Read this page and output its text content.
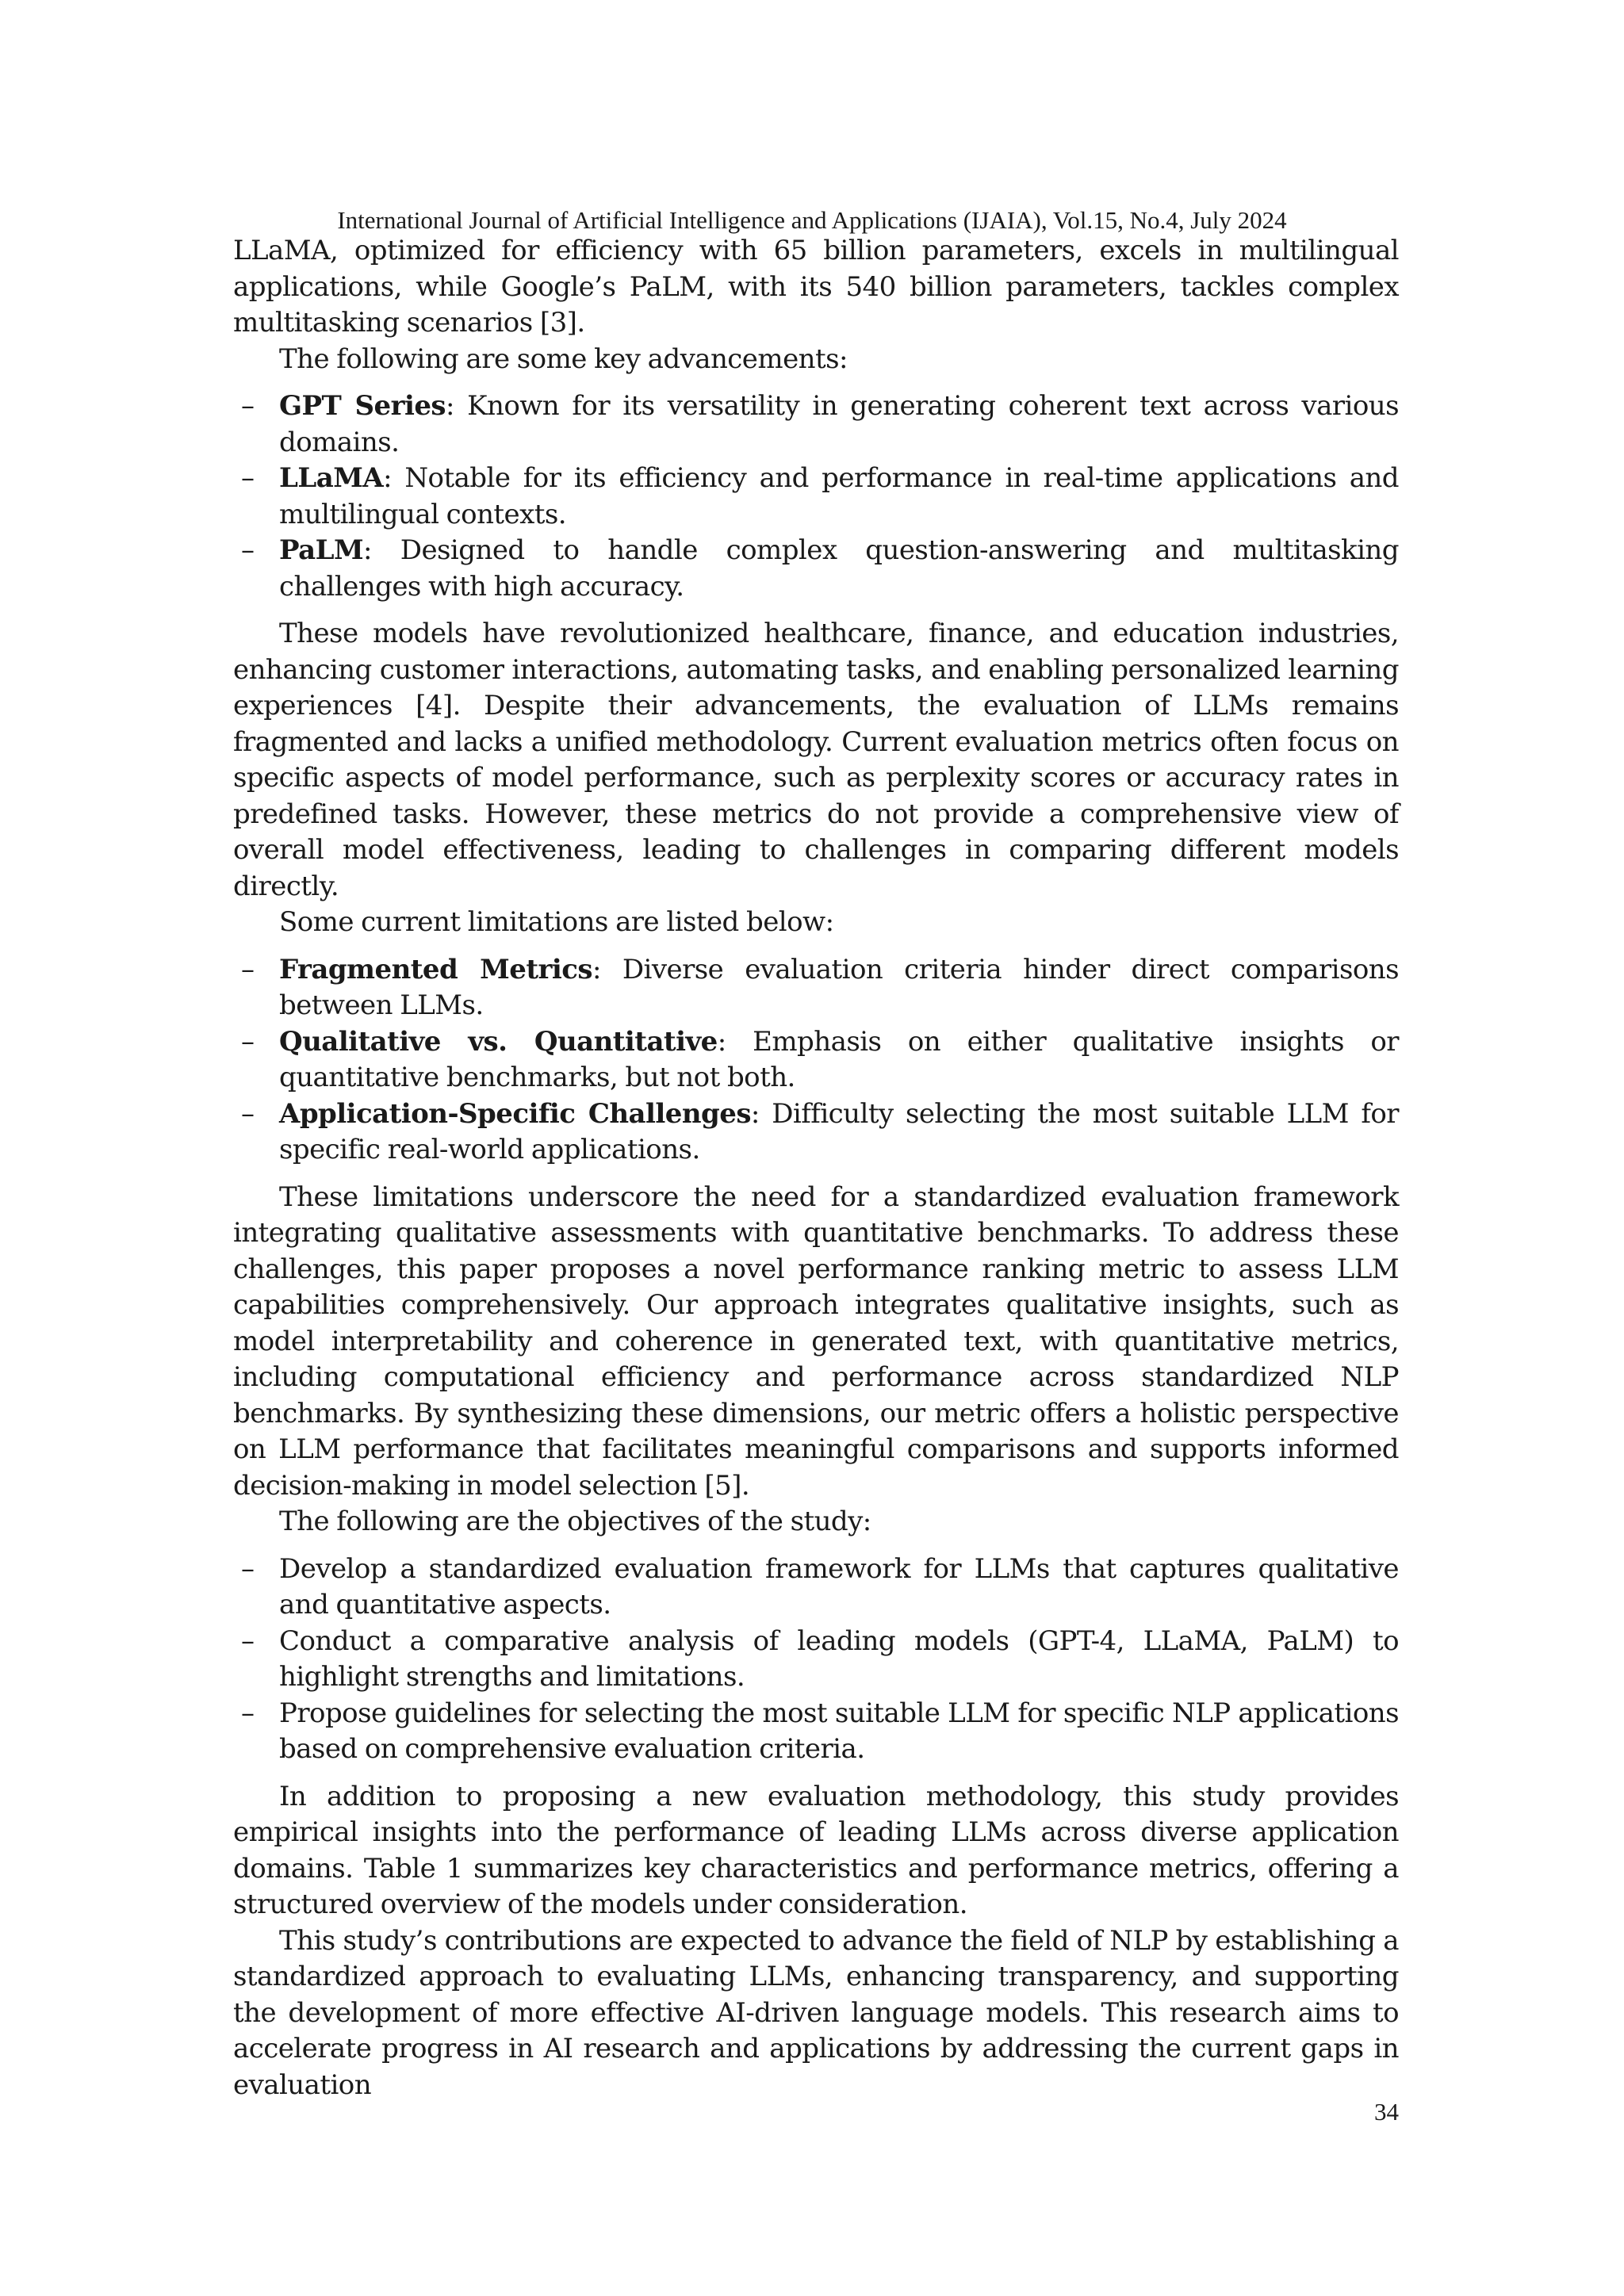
International Journal of Artificial Intelligence and Applications (IJAIA), Vol.15, No.4, July 2024

LLaMA, optimized for efficiency with 65 billion parameters, excels in multilingual applications, while Google’s PaLM, with its 540 billion parameters, tackles complex multitasking scenarios [3].

The following are some key advancements:

– GPT Series: Known for its versatility in generating coherent text across various domains.
– LLaMA: Notable for its efficiency and performance in real-time applications and multilingual contexts.
– PaLM: Designed to handle complex question-answering and multitasking challenges with high accuracy.

These models have revolutionized healthcare, finance, and education industries, enhancing customer interactions, automating tasks, and enabling personalized learning experiences [4]. Despite their advancements, the evaluation of LLMs remains fragmented and lacks a unified methodology. Current evaluation metrics often focus on specific aspects of model performance, such as perplexity scores or accuracy rates in predefined tasks. However, these metrics do not provide a comprehensive view of overall model effectiveness, leading to challenges in comparing different models directly.

Some current limitations are listed below:

– Fragmented Metrics: Diverse evaluation criteria hinder direct comparisons between LLMs.
– Qualitative vs. Quantitative: Emphasis on either qualitative insights or quantitative benchmarks, but not both.
– Application-Specific Challenges: Difficulty selecting the most suitable LLM for specific real-world applications.

These limitations underscore the need for a standardized evaluation framework integrating qualitative assessments with quantitative benchmarks. To address these challenges, this paper proposes a novel performance ranking metric to assess LLM capabilities comprehensively. Our approach integrates qualitative insights, such as model interpretability and coherence in generated text, with quantitative metrics, including computational efficiency and performance across standardized NLP benchmarks. By synthesizing these dimensions, our metric offers a holistic perspective on LLM performance that facilitates meaningful comparisons and supports informed decision-making in model selection [5].

The following are the objectives of the study:

– Develop a standardized evaluation framework for LLMs that captures qualitative and quantitative aspects.
– Conduct a comparative analysis of leading models (GPT-4, LLaMA, PaLM) to highlight strengths and limitations.
– Propose guidelines for selecting the most suitable LLM for specific NLP applications based on comprehensive evaluation criteria.

In addition to proposing a new evaluation methodology, this study provides empirical insights into the performance of leading LLMs across diverse application domains. Table 1 summarizes key characteristics and performance metrics, offering a structured overview of the models under consideration.

This study’s contributions are expected to advance the field of NLP by establishing a standardized approach to evaluating LLMs, enhancing transparency, and supporting the development of more effective AI-driven language models. This research aims to accelerate progress in AI research and applications by addressing the current gaps in evaluation

34
